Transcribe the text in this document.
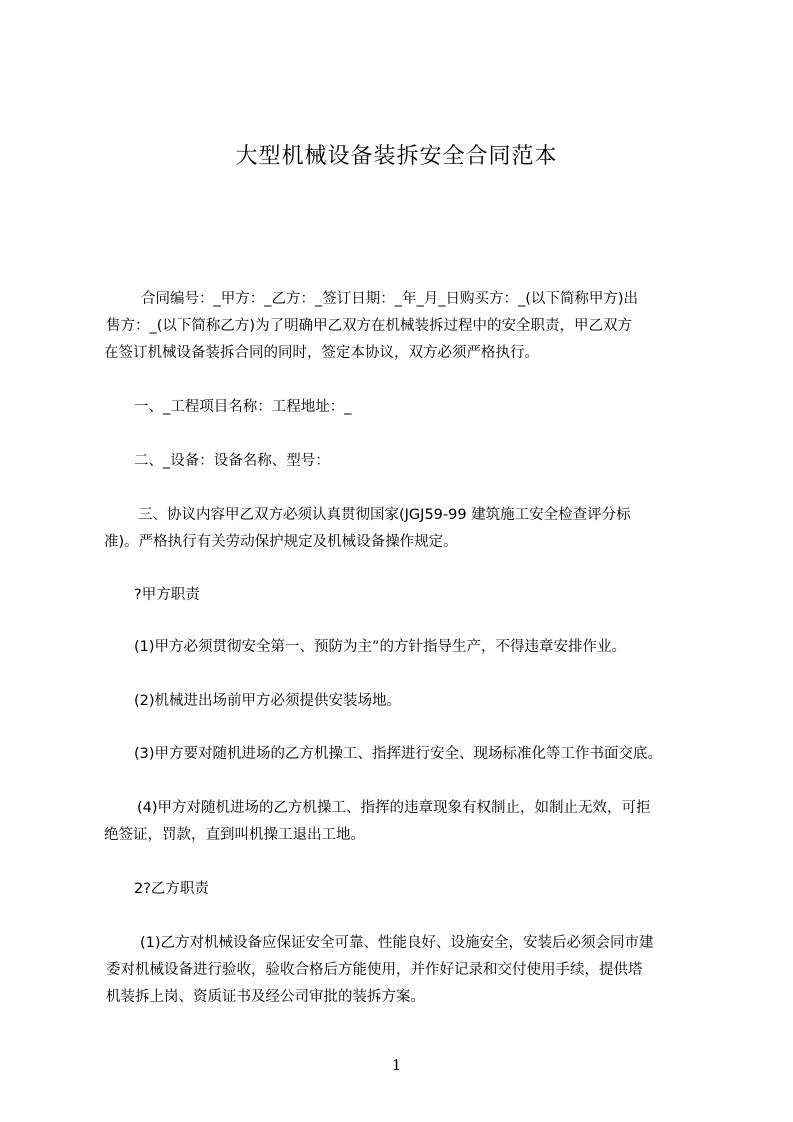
大型机械设备装拆安全合同范本
合同编号：_甲方：_乙方：_签订日期：_年_月_日购买方：_(以下简称甲方)出
售方：_(以下简称乙方)为了明确甲乙双方在机械装拆过程中的安全职责，甲乙双方
在签订机械设备装拆合同的同时，签定本协议，双方必须严格执行。
一、_工程项目名称：工程地址：_
二、_设备：设备名称、型号：
三、协议内容甲乙双方必须认真贯彻国家(JGJ59-99 建筑施工安全检查评分标
准)。严格执行有关劳动保护规定及机械设备操作规定。
?甲方职责
(1)甲方必须贯彻安全第一、预防为主”的方针指导生产，不得违章安排作业。
(2)机械进出场前甲方必须提供安装场地。
(3)甲方要对随机进场的乙方机操工、指挥进行安全、现场标准化等工作书面交底。
(4)甲方对随机进场的乙方机操工、指挥的违章现象有权制止，如制止无效，可拒
绝签证，罚款，直到叫机操工退出工地。
2?乙方职责
(1)乙方对机械设备应保证安全可靠、性能良好、设施安全，安装后必须会同市建
委对机械设备进行验收，验收合格后方能使用，并作好记录和交付使用手续，提供塔
机装拆上岗、资质证书及经公司审批的装拆方案。
1
